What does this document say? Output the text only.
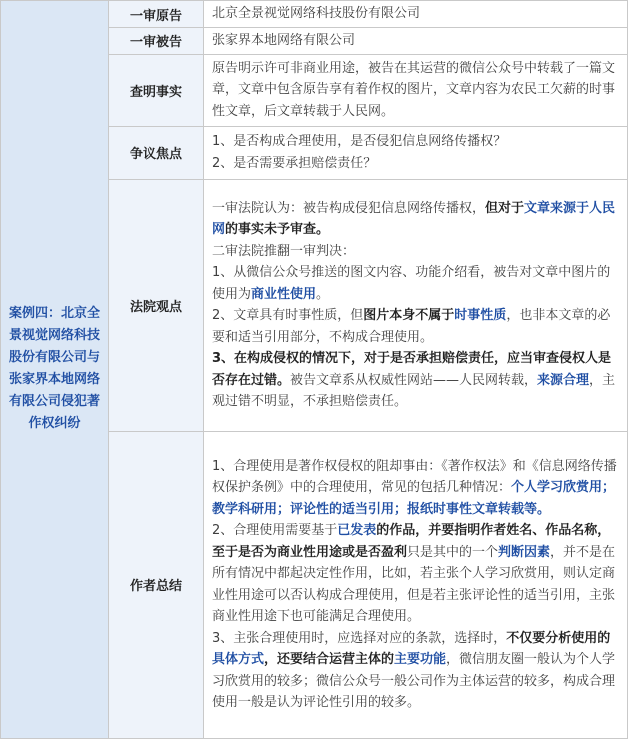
案例四：北京全景视觉网络科技股份有限公司与张家界本地网络有限公司侵犯著作权纠纷	一审原告	北京全景视觉网络科技股份有限公司
	一审被告	张家界本地网络有限公司
	查明事实	原告明示许可非商业用途，被告在其运营的微信公众号中转载了一篇文章，文章中包含原告享有着作权的图片，文章内容为农民工欠薪的时事性文章，后文章转载于人民网。
	争议焦点	1、是否构成合理使用，是否侵犯信息网络传播权？

2、是否需要承担赔偿责任？

	法院观点	一审法院认为：被告构成侵犯信息网络传播权，但对于文章来源于人民网的事实未予审查。

二审法院推翻一审判决：

1、从微信公众号推送的图文内容、功能介绍看，被告对文章中图片的使用为商业性使用。

2、文章具有时事性质，但图片本身不属于时事性质，也非本文章的必要和适当引用部分，不构成合理使用。

3、在构成侵权的情况下，对于是否承担赔偿责任，应当审查侵权人是否存在过错。被告文章系从权威性网站——人民网转载，来源合理，主观过错不明显，不承担赔偿责任。

	作者总结	1、合理使用是著作权侵权的阻却事由：《著作权法》和《信息网络传播权保护条例》中的合理使用，常见的包括几种情况：个人学习欣赏用；教学科研用；评论性的适当引用；报纸时事性文章转载等。

2、合理使用需要基于已发表的作品，并要指明作者姓名、作品名称，至于是否为商业性用途或是否盈利只是其中的一个判断因素，并不是在所有情况中都起决定性作用，比如，若主张个人学习欣赏用，则认定商业性用途可以否认构成合理使用，但是若主张评论性的适当引用，主张商业性用途下也可能满足合理使用。

3、主张合理使用时，应选择对应的条款，选择时，不仅要分析使用的具体方式，还要结合运营主体的主要功能，微信朋友圈一般认为个人学习欣赏用的较多；微信公众号一般公司作为主体运营的较多，构成合理使用一般是认为评论性引用的较多。
